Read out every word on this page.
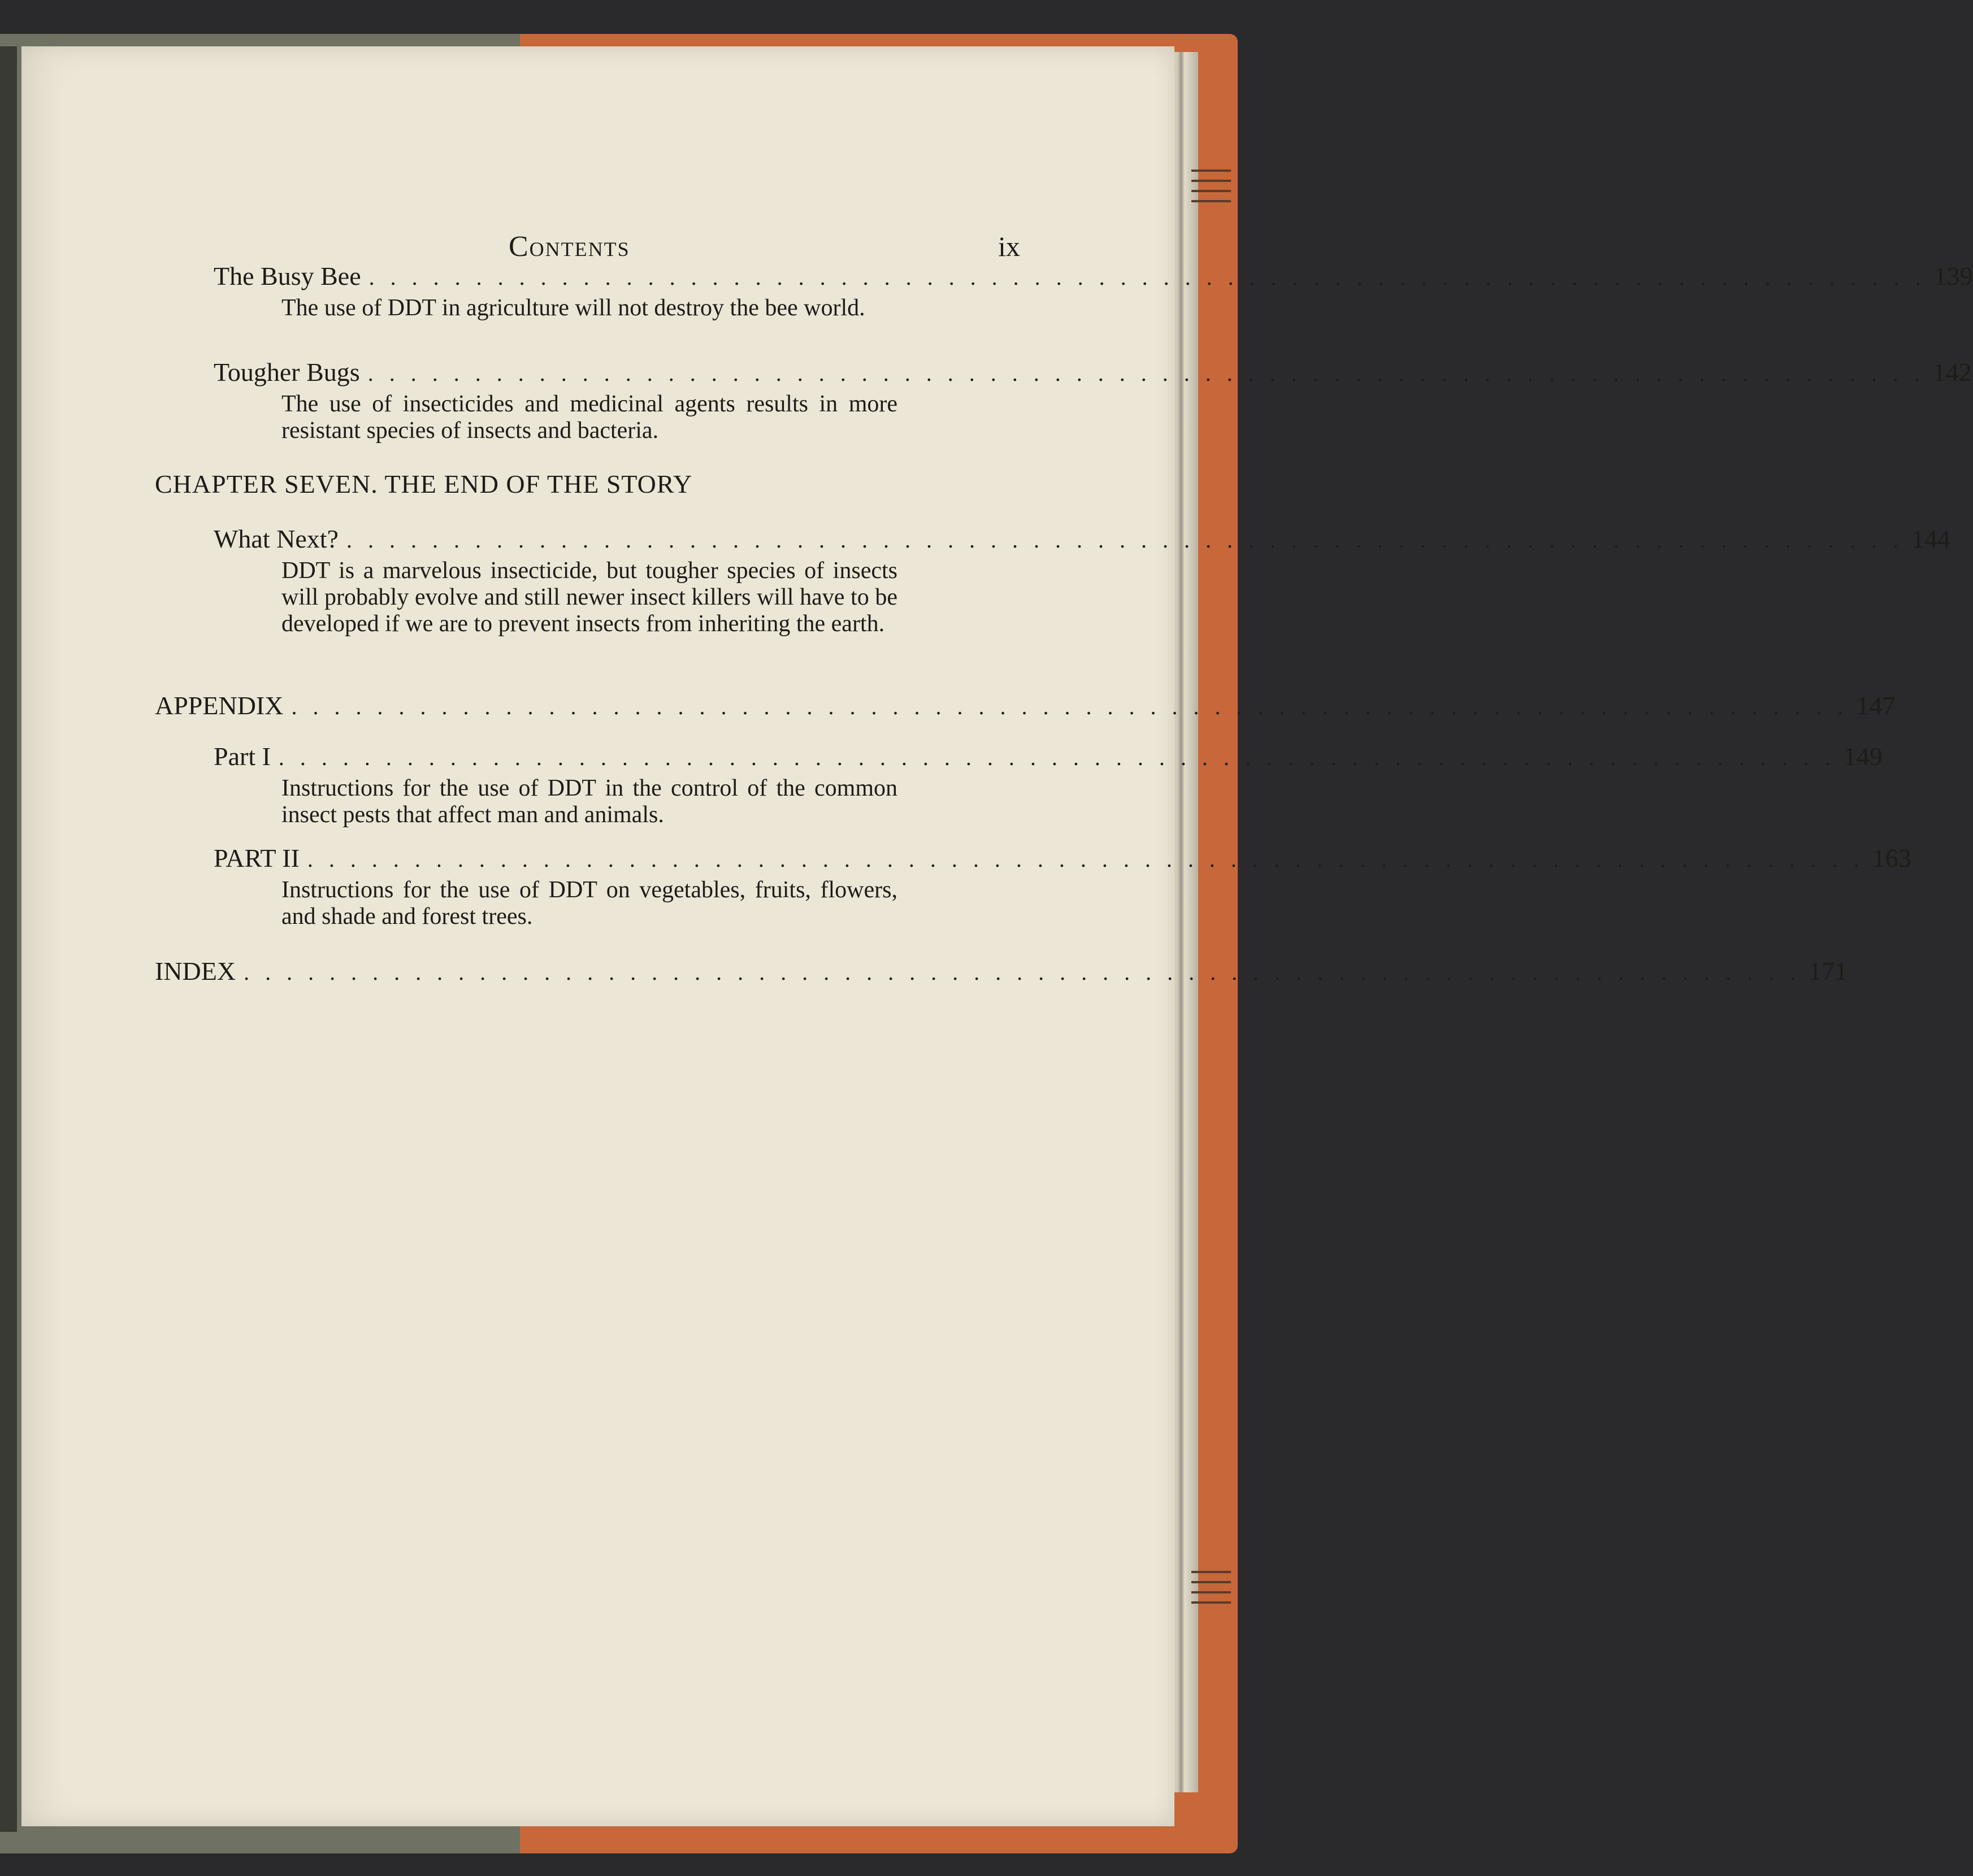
Contents	ix
The Busy Bee . . . . . . . . . . . . . . . . . . . . . . . . . . . . . . . . . . . . . . . . . . . . . . . . . . . . . . . . . . . . . . . . . . . . . . . . . 139
The use of DDT in agriculture will not destroy the bee world.
Tougher Bugs . . . . . . . . . . . . . . . . . . . . . . . . . . . . . . . . . . . . . . . . . . . . . . . . . . . . . . . . . . . . . . . . . . . . . . . . . 142
The use of insecticides and medicinal agents results in more resistant species of insects and bacteria.
CHAPTER SEVEN. THE END OF THE STORY
What Next? . . . . . . . . . . . . . . . . . . . . . . . . . . . . . . . . . . . . . . . . . . . . . . . . . . . . . . . . . . . . . . . . . . . . . . . . . 144
DDT is a marvelous insecticide, but tougher species of insects will probably evolve and still newer insect killers will have to be developed if we are to prevent insects from inheriting the earth.
APPENDIX . . . . . . . . . . . . . . . . . . . . . . . . . . . . . . . . . . . . . . . . . . . . . . . . . . . . . . . . . . . . . . . . . . . . . . . . . 147
Part I . . . . . . . . . . . . . . . . . . . . . . . . . . . . . . . . . . . . . . . . . . . . . . . . . . . . . . . . . . . . . . . . . . . . . . . . . 149
Instructions for the use of DDT in the control of the common insect pests that affect man and animals.
PART II . . . . . . . . . . . . . . . . . . . . . . . . . . . . . . . . . . . . . . . . . . . . . . . . . . . . . . . . . . . . . . . . . . . . . . . . . 163
Instructions for the use of DDT on vegetables, fruits, flowers, and shade and forest trees.
INDEX . . . . . . . . . . . . . . . . . . . . . . . . . . . . . . . . . . . . . . . . . . . . . . . . . . . . . . . . . . . . . . . . . . . . . . . . . 171
